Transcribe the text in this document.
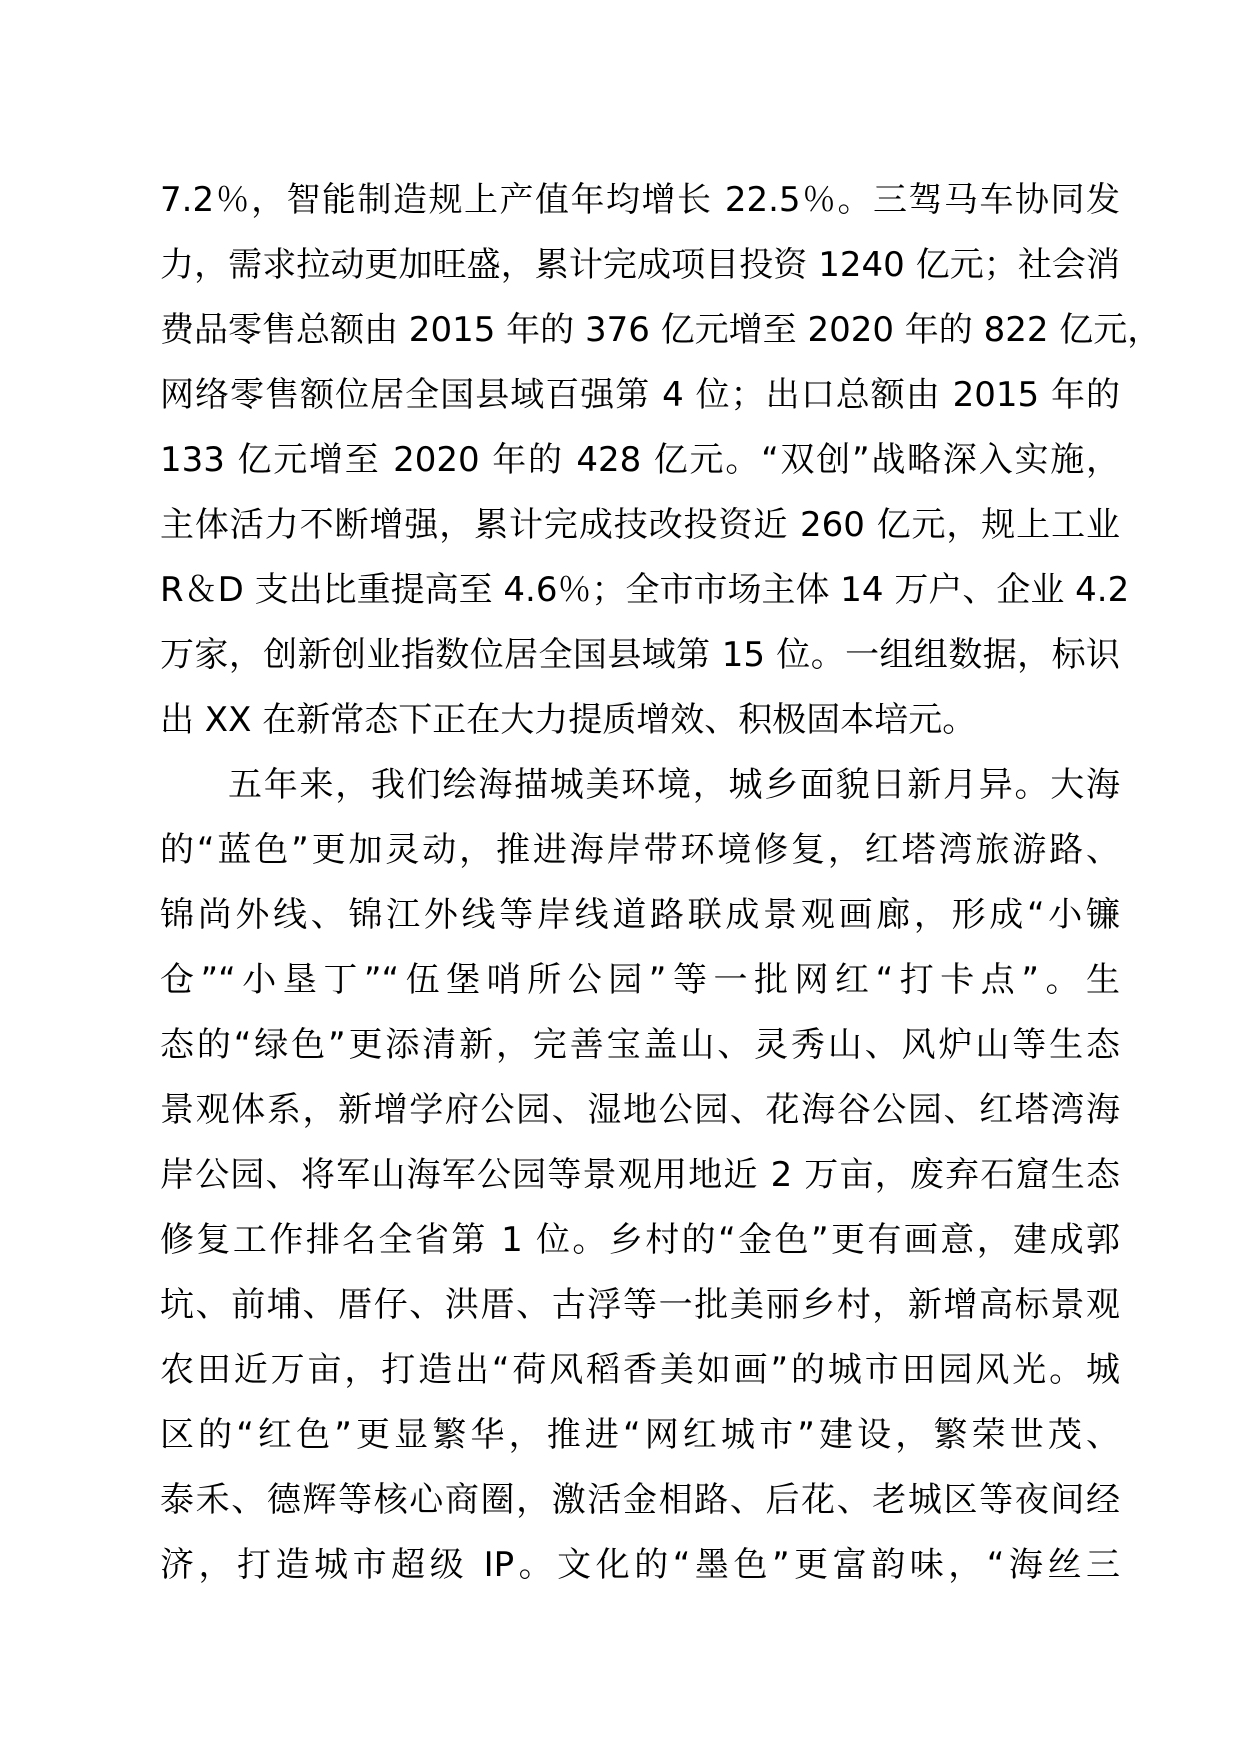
7.2％，智能制造规上产值年均增长 22.5％。三驾马车协同发
力，需求拉动更加旺盛，累计完成项目投资 1240 亿元；社会消
费品零售总额由 2015 年的 376 亿元增至 2020 年的 822 亿元，
网络零售额位居全国县域百强第 4 位；出口总额由 2015 年的
133 亿元增至 2020 年的 428 亿元。“双创”战略深入实施，
主体活力不断增强，累计完成技改投资近 260 亿元，规上工业
R＆D 支出比重提高至 4.6％；全市市场主体 14 万户、企业 4.2
万家，创新创业指数位居全国县域第 15 位。一组组数据，标识
出 XX 在新常态下正在大力提质增效、积极固本培元。
五年来，我们绘海描城美环境，城乡面貌日新月异。大海
的“蓝色”更加灵动，推进海岸带环境修复，红塔湾旅游路、
锦尚外线、锦江外线等岸线道路联成景观画廊，形成“小镰
仓”“小垦丁”“伍堡哨所公园”等一批网红“打卡点”。生
态的“绿色”更添清新，完善宝盖山、灵秀山、风炉山等生态
景观体系，新增学府公园、湿地公园、花海谷公园、红塔湾海
岸公园、将军山海军公园等景观用地近 2 万亩，废弃石窟生态
修复工作排名全省第 1 位。乡村的“金色”更有画意，建成郭
坑、前埔、厝仔、洪厝、古浮等一批美丽乡村，新增高标景观
农田近万亩，打造出“荷风稻香美如画”的城市田园风光。城
区的“红色”更显繁华，推进“网红城市”建设，繁荣世茂、
泰禾、德辉等核心商圈，激活金相路、后花、老城区等夜间经
济，打造城市超级 IP。文化的“墨色”更富韵味，“海丝三
